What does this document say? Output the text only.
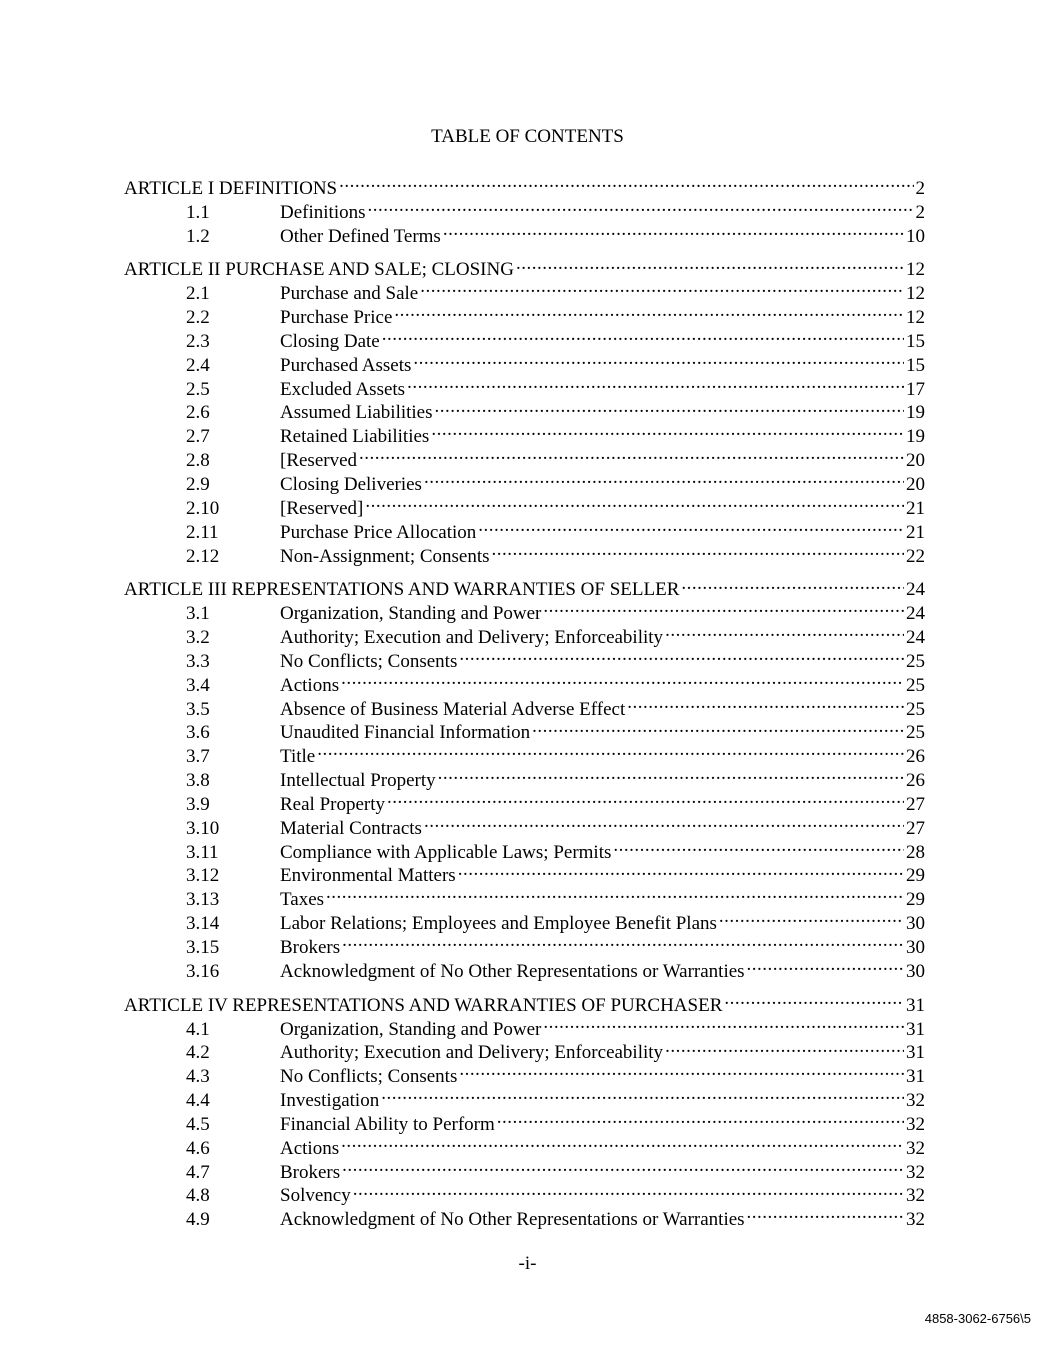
TABLE OF CONTENTS
ARTICLE I DEFINITIONS .....	2
1.1	Definitions .....	2
1.2	Other Defined Terms .....	10
ARTICLE II PURCHASE AND SALE; CLOSING .....	12
2.1	Purchase and Sale .....	12
2.2	Purchase Price .....	12
2.3	Closing Date .....	15
2.4	Purchased Assets .....	15
2.5	Excluded Assets .....	17
2.6	Assumed Liabilities .....	19
2.7	Retained Liabilities .....	19
2.8	[Reserved .....	20
2.9	Closing Deliveries .....	20
2.10	[Reserved] .....	21
2.11	Purchase Price Allocation .....	21
2.12	Non-Assignment; Consents .....	22
ARTICLE III REPRESENTATIONS AND WARRANTIES OF SELLER .....	24
3.1	Organization, Standing and Power .....	24
3.2	Authority; Execution and Delivery; Enforceability .....	24
3.3	No Conflicts; Consents .....	25
3.4	Actions .....	25
3.5	Absence of Business Material Adverse Effect .....	25
3.6	Unaudited Financial Information .....	25
3.7	Title .....	26
3.8	Intellectual Property .....	26
3.9	Real Property .....	27
3.10	Material Contracts .....	27
3.11	Compliance with Applicable Laws; Permits .....	28
3.12	Environmental Matters .....	29
3.13	Taxes .....	29
3.14	Labor Relations; Employees and Employee Benefit Plans .....	30
3.15	Brokers .....	30
3.16	Acknowledgment of No Other Representations or Warranties .....	30
ARTICLE IV REPRESENTATIONS AND WARRANTIES OF PURCHASER .....	31
4.1	Organization, Standing and Power .....	31
4.2	Authority; Execution and Delivery; Enforceability .....	31
4.3	No Conflicts; Consents .....	31
4.4	Investigation .....	32
4.5	Financial Ability to Perform .....	32
4.6	Actions .....	32
4.7	Brokers .....	32
4.8	Solvency .....	32
4.9	Acknowledgment of No Other Representations or Warranties .....	32
-i-
4858-3062-6756\5
